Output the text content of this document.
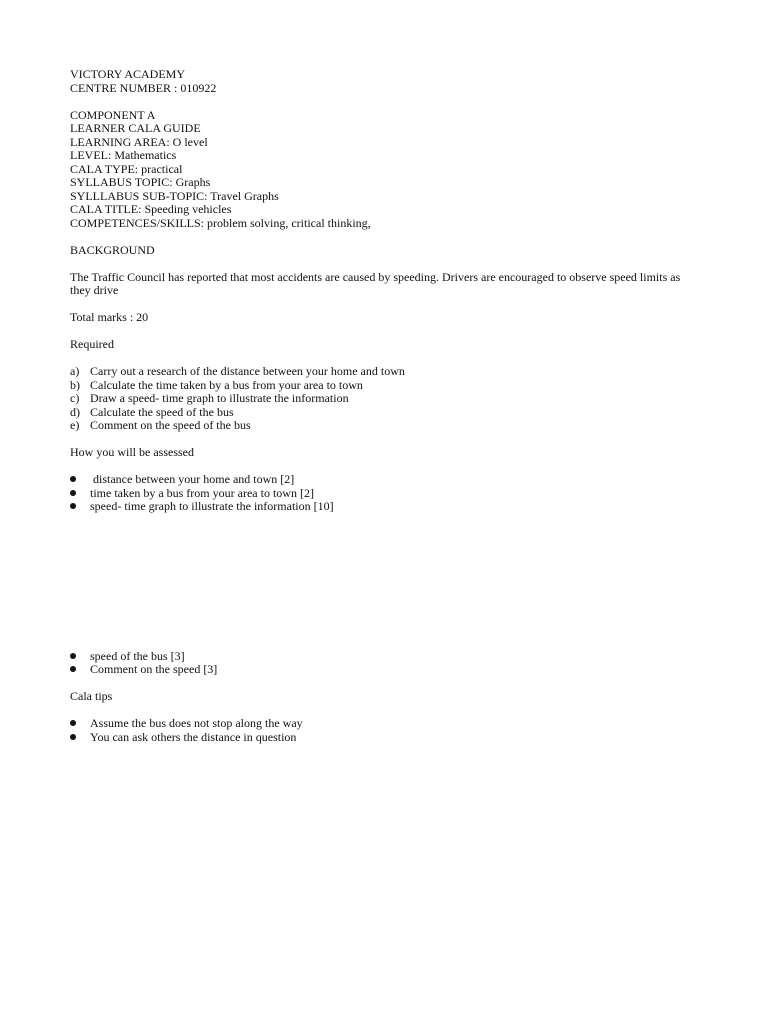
VICTORY ACADEMY
CENTRE NUMBER : 010922
COMPONENT A
LEARNER CALA GUIDE
LEARNING AREA: O level
LEVEL: Mathematics
CALA TYPE: practical
SYLLABUS TOPIC: Graphs
SYLLLABUS SUB-TOPIC: Travel Graphs
CALA TITLE: Speeding vehicles
COMPETENCES/SKILLS: problem solving, critical thinking,
BACKGROUND
The Traffic Council has reported that most accidents are caused by speeding. Drivers are encouraged to observe speed limits as they drive
Total marks : 20
Required
a) Carry out a research of the distance between your home and town
b) Calculate the time taken by a bus from your area to town
c) Draw a speed- time graph to illustrate the information
d) Calculate the speed of the bus
e) Comment on the speed of the bus
How you will be assessed
distance between your home and town [2]
time taken by a bus from your area to town [2]
speed- time graph to illustrate the information [10]
speed of the bus [3]
Comment on the speed [3]
Cala tips
Assume the bus does not stop along the way
You can ask others the distance in question
